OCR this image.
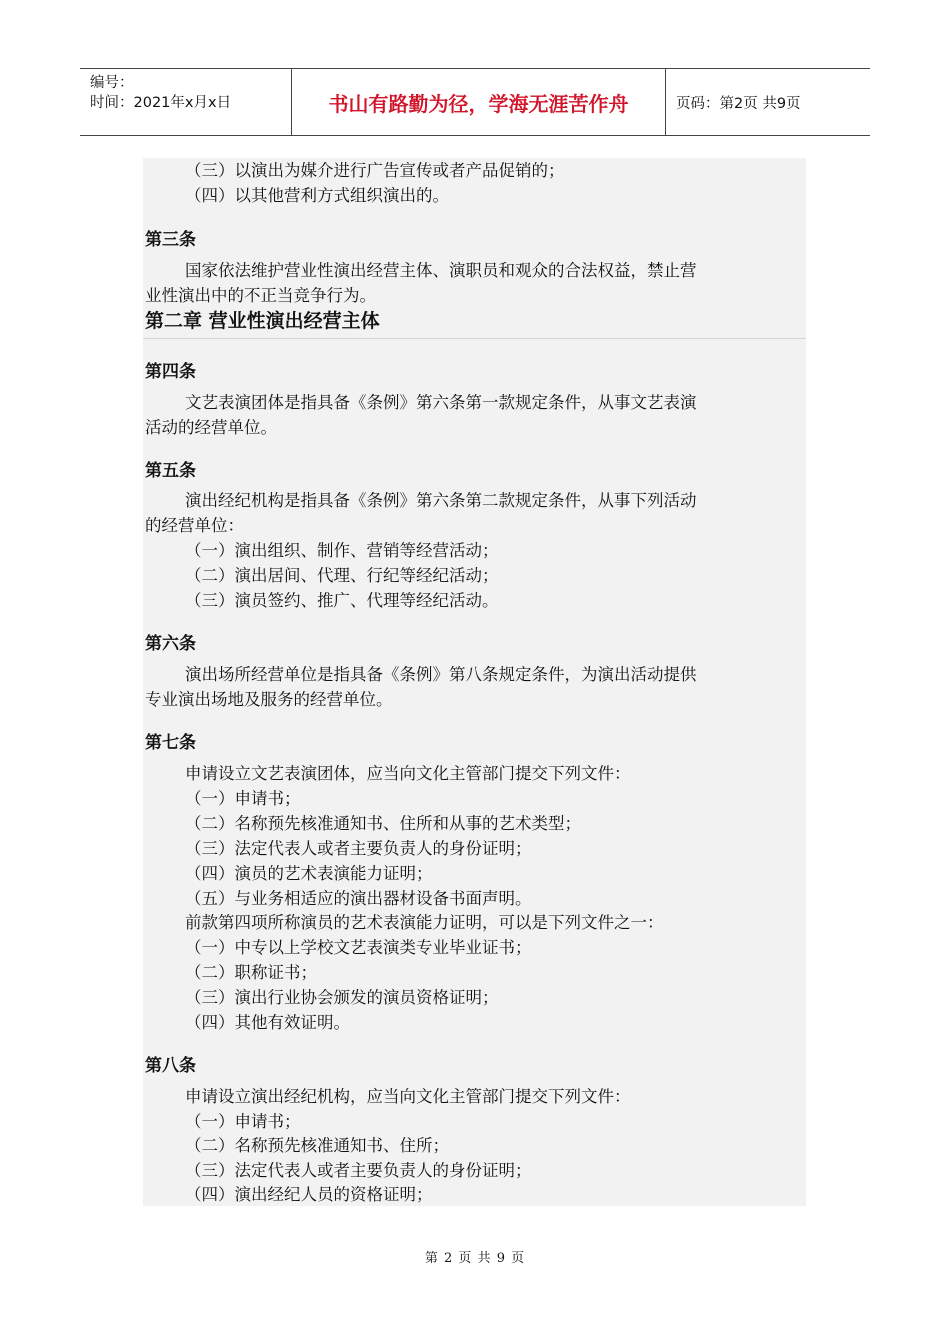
编号：
时间：2021年x月x日	书山有路勤为径，学海无涯苦作舟	页码：第2页 共9页
（三）以演出为媒介进行广告宣传或者产品促销的；
（四）以其他营利方式组织演出的。
第三条
国家依法维护营业性演出经营主体、演职员和观众的合法权益，禁止营
业性演出中的不正当竞争行为。
第二章 营业性演出经营主体
第四条
文艺表演团体是指具备《条例》第六条第一款规定条件，从事文艺表演
活动的经营单位。
第五条
演出经纪机构是指具备《条例》第六条第二款规定条件，从事下列活动
的经营单位：
（一）演出组织、制作、营销等经营活动；
（二）演出居间、代理、行纪等经纪活动；
（三）演员签约、推广、代理等经纪活动。
第六条
演出场所经营单位是指具备《条例》第八条规定条件，为演出活动提供
专业演出场地及服务的经营单位。
第七条
申请设立文艺表演团体，应当向文化主管部门提交下列文件：
（一）申请书；
（二）名称预先核准通知书、住所和从事的艺术类型；
（三）法定代表人或者主要负责人的身份证明；
（四）演员的艺术表演能力证明；
（五）与业务相适应的演出器材设备书面声明。
前款第四项所称演员的艺术表演能力证明，可以是下列文件之一：
（一）中专以上学校文艺表演类专业毕业证书；
（二）职称证书；
（三）演出行业协会颁发的演员资格证明；
（四）其他有效证明。
第八条
申请设立演出经纪机构，应当向文化主管部门提交下列文件：
（一）申请书；
（二）名称预先核准通知书、住所；
（三）法定代表人或者主要负责人的身份证明；
（四）演出经纪人员的资格证明；
第 2 页 共 9 页
